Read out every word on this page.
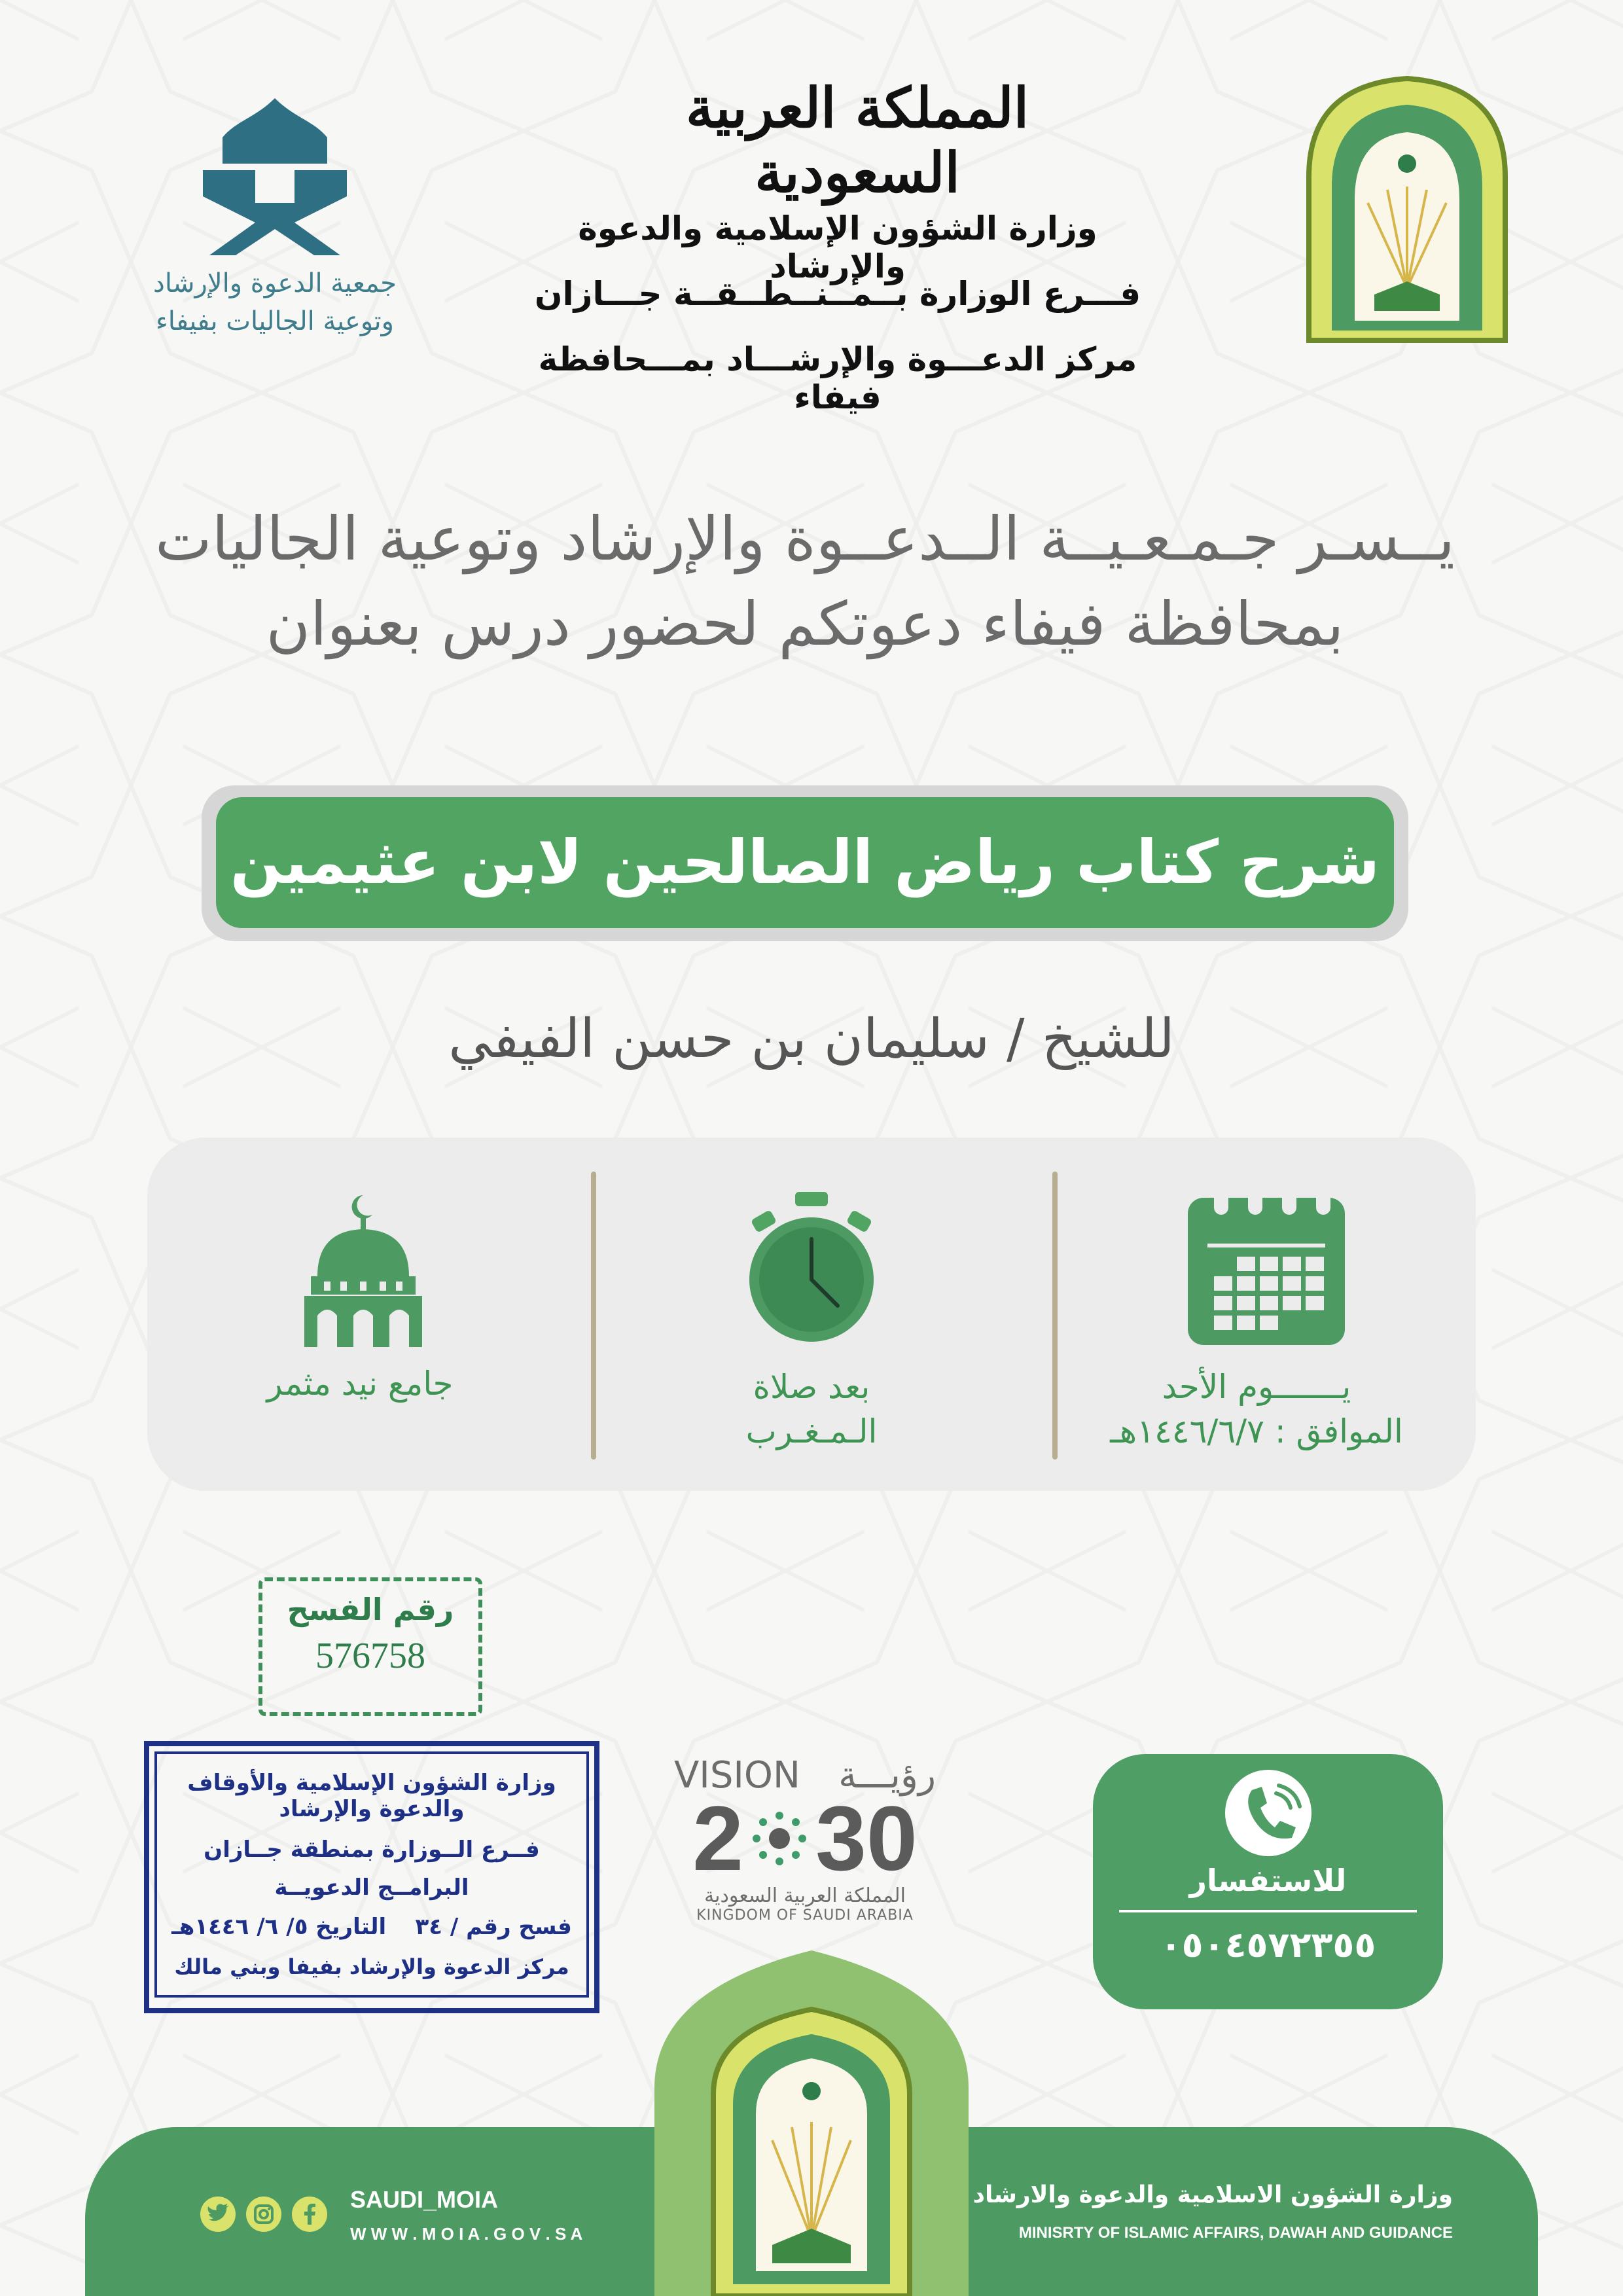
جمعية الدعوة والإرشاد
وتوعية الجاليات بفيفاء
المملكة العربية السعودية
وزارة الشؤون الإسلامية والدعوة والإرشاد
فـــرع الوزارة بــمــنــطــقــة جـــازان
مركز الدعـــوة والإرشـــاد بمـــحافظة فيفاء
يــسـر جـمـعـيــة الــدعــوة والإرشاد وتوعية الجاليات
بمحافظة فيفاء دعوتكم لحضور درس بعنوان
شرح كتاب رياض الصالحين لابن عثيمين
للشيخ / سليمان بن حسن الفيفي
جامع نيد مثمر	بعد صلاة
الـمـغـرب
يـــــــوم الأحد
الموافق : ١٤٤٦/٦/٧هـ
رقم الفسح
576758
وزارة الشؤون الإسلامية والأوقاف والدعوة والإرشاد
فــرع الــوزارة بمنطقة جــازان
البرامــج الدعويــة
فسح رقم / ٣٤
التاريخ ٥/ ٦/ ١٤٤٦هـ
مركز الدعوة والإرشاد بفيفا وبني مالك
VISION رؤيـــة
2 30
المملكة العربية السعودية
KINGDOM OF SAUDI ARABIA
للاستفسار
٠٥٠٤٥٧٢٣٥٥
SAUDI_MOIA
W W W . M O I A . G O V . S A
وزارة الشؤون الاسلامية والدعوة والارشاد
MINISRTY OF ISLAMIC AFFAIRS, DAWAH AND GUIDANCE
